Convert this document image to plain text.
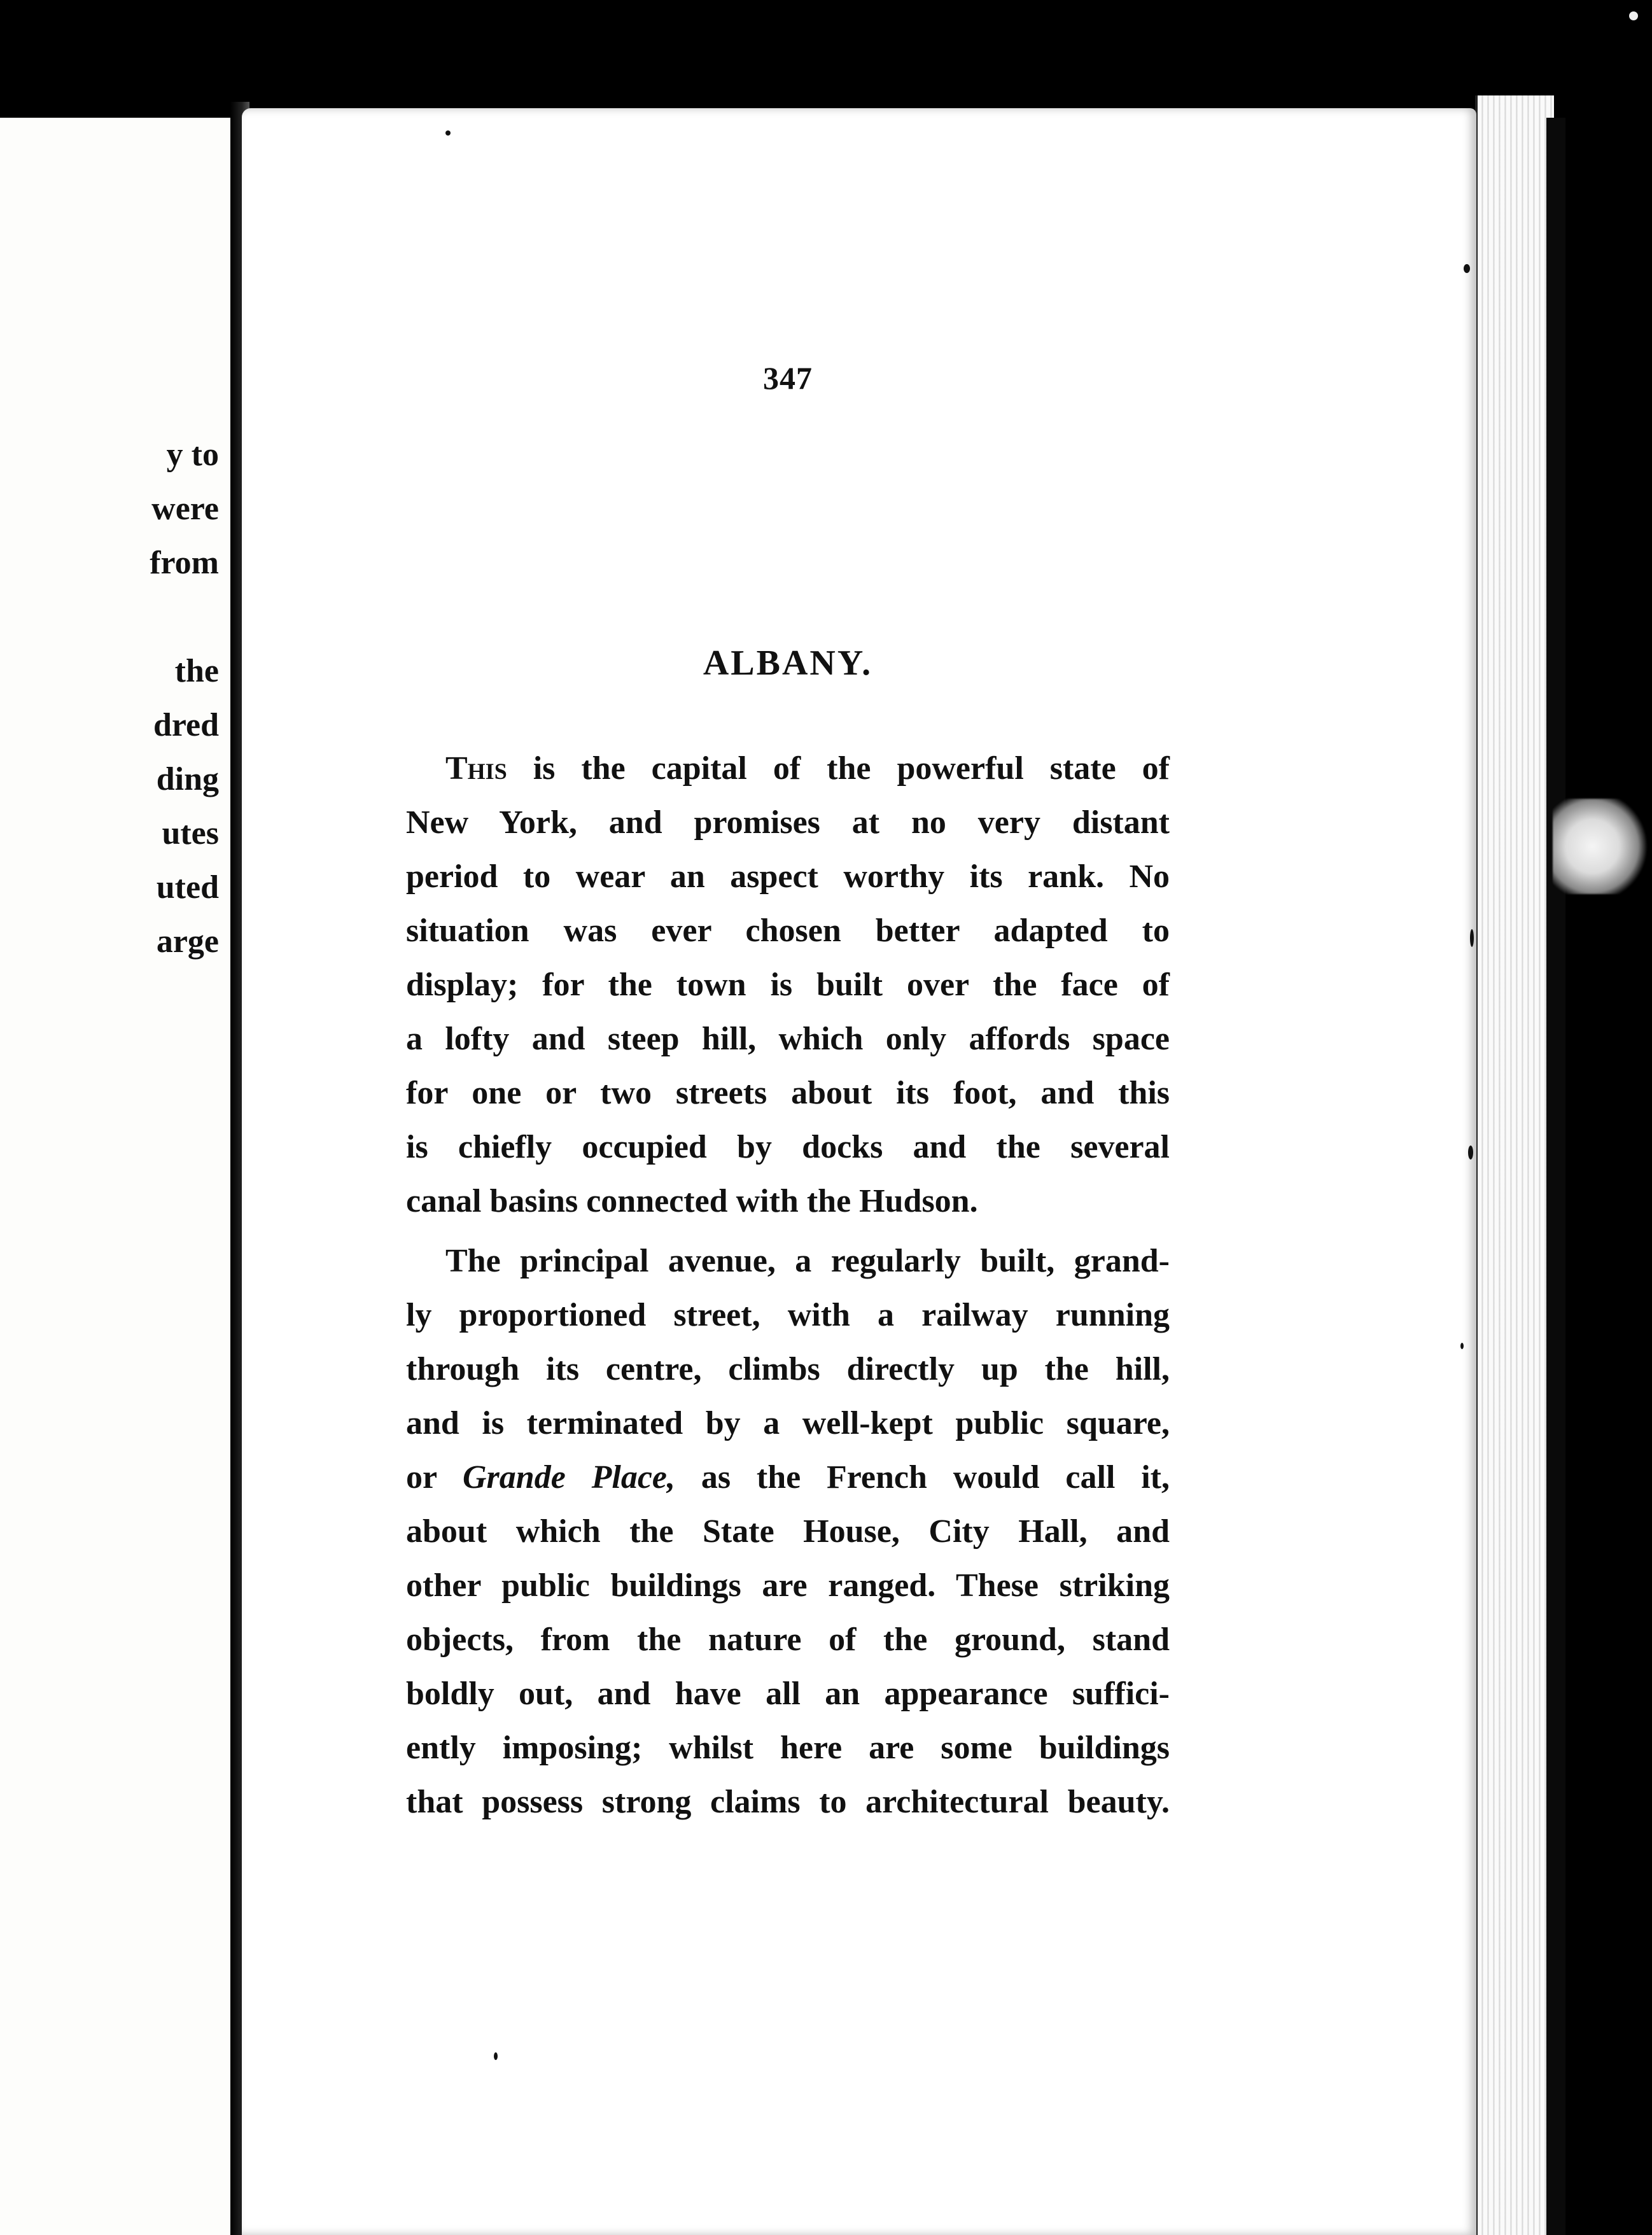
y to
were
from
the
dred
ding
utes
uted
arge
347
ALBANY.
This is the capital of the powerful state of
New York, and promises at no very distant
period to wear an aspect worthy its rank. No
situation was ever chosen better adapted to
display; for the town is built over the face of
a lofty and steep hill, which only affords space
for one or two streets about its foot, and this
is chiefly occupied by docks and the several
canal basins connected with the Hudson.
The principal avenue, a regularly built, grand-
ly proportioned street, with a railway running
through its centre, climbs directly up the hill,
and is terminated by a well-kept public square,
or Grande Place, as the French would call it,
about which the State House, City Hall, and
other public buildings are ranged. These striking
objects, from the nature of the ground, stand
boldly out, and have all an appearance suffici-
ently imposing; whilst here are some buildings
that possess strong claims to architectural beauty.
